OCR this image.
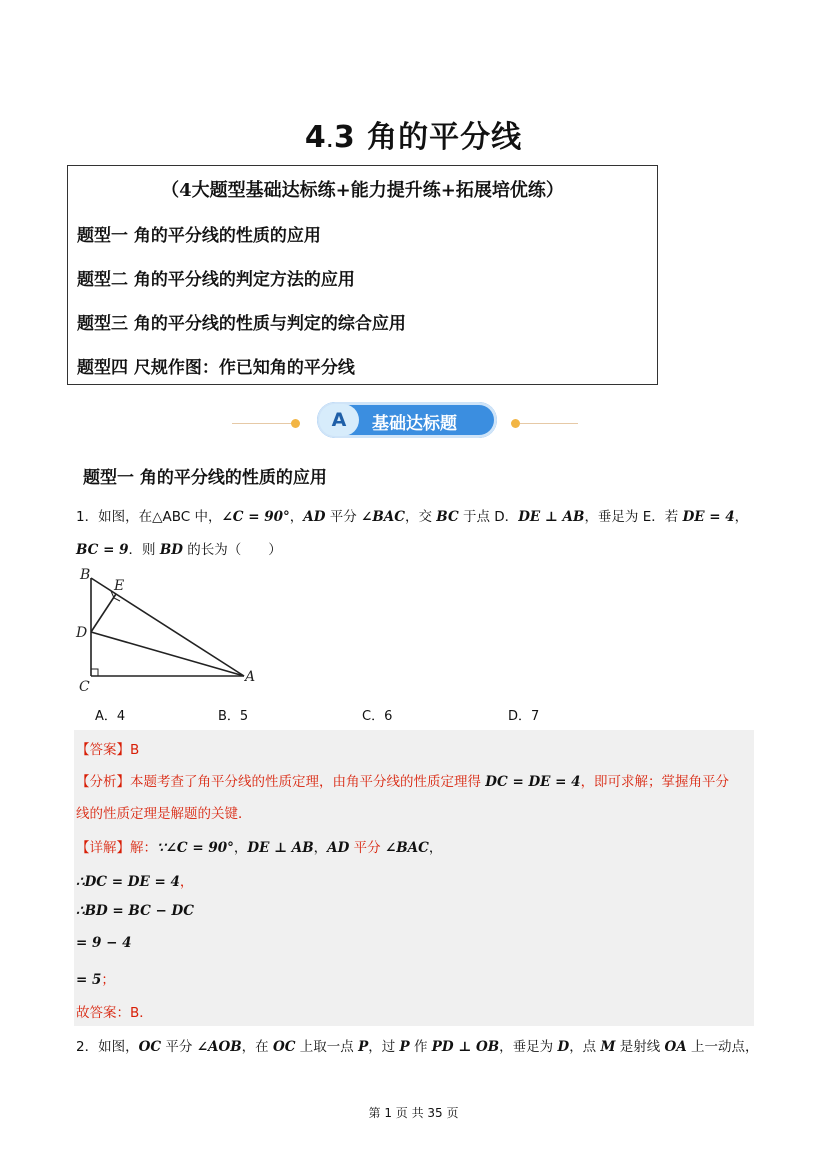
4.3 角的平分线
（4大题型基础达标练+能力提升练+拓展培优练）
题型一 角的平分线的性质的应用
题型二 角的平分线的判定方法的应用
题型三 角的平分线的性质与判定的综合应用
题型四 尺规作图：作已知角的平分线
A	基础达标题
题型一 角的平分线的性质的应用
1．如图，在△ABC 中，∠C = 90°，AD 平分 ∠BAC，交 BC 于点 D．DE ⊥ AB，垂足为 E．若 DE = 4，
BC = 9．则 BD 的长为（　　）
B
E
D
C
A
A．4	B．5	C．6	D．7
【答案】B
【分析】本题考查了角平分线的性质定理，由角平分线的性质定理得 DC = DE = 4，即可求解；掌握角平分
线的性质定理是解题的关键．
【详解】解：∵∠C = 90°，DE ⊥ AB，AD 平分 ∠BAC，
∴DC = DE = 4，
∴BD = BC − DC
= 9 − 4
= 5；
故答案：B．
2．如图，OC 平分 ∠AOB，在 OC 上取一点 P，过 P 作 PD ⊥ OB，垂足为 D，点 M 是射线 OA 上一动点，
第 1 页 共 35 页
